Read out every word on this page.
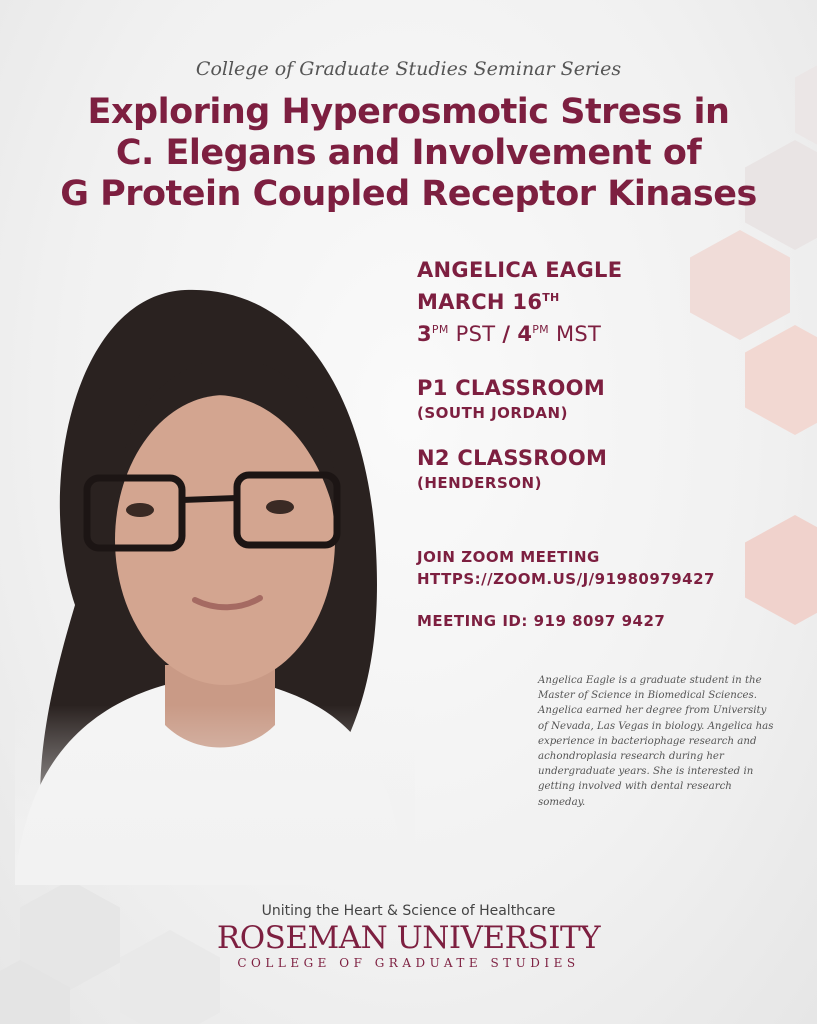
College of Graduate Studies Seminar Series
Exploring Hyperosmotic Stress in
C. Elegans and Involvement of
G Protein Coupled Receptor Kinases
ANGELICA EAGLE
MARCH 16TH
$3^{PM}$ PST / $4^{PM}$ MST
P1 CLASSROOM
(SOUTH JORDAN)
N2 CLASSROOM
(HENDERSON)
JOIN ZOOM MEETING
HTTPS://ZOOM.US/J/91980979427
MEETING ID: 919 8097 9427
Angelica Eagle is a graduate student in the Master of Science in Biomedical Sciences. Angelica earned her degree from University of Nevada, Las Vegas in biology. Angelica has experience in bacteriophage research and achondroplasia research during her undergraduate years. She is interested in getting involved with dental research someday.
Uniting the Heart & Science of Healthcare
ROSEMAN UNIVERSITY
COLLEGE OF GRADUATE STUDIES
